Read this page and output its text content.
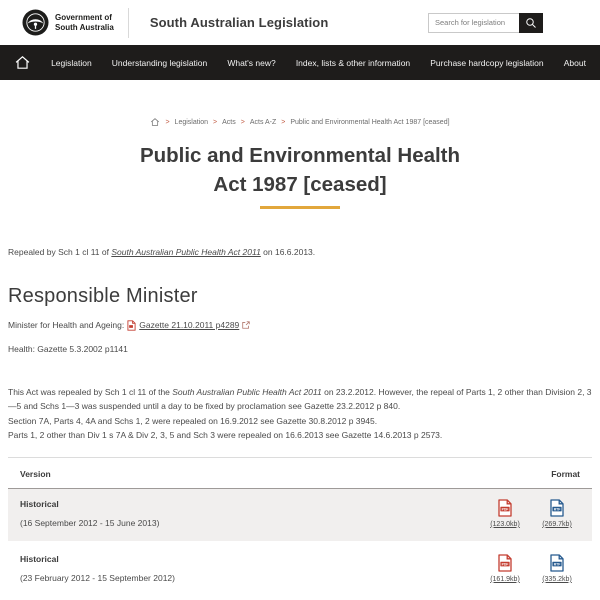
Government of
South Australia	South Australian Legislation
Search for legislation
Legislation Understanding legislation What's new? Index, lists & other information Purchase hardcopy legislation About
> Legislation > Acts > Acts A-Z > Public and Environmental Health Act 1987 [ceased]
Public and Environmental Health
Act 1987 [ceased]

Repealed by Sch 1 cl 11 of South Australian Public Health Act 2011 on 16.6.2013.

Responsible Minister

Minister for Health and Ageing: Gazette 21.10.2011 p4289

Health: Gazette 5.3.2002 p1141

This Act was repealed by Sch 1 cl 11 of the South Australian Public Health Act 2011 on 23.2.2012. However, the repeal of Parts 1, 2 other than Division 2, 3—5 and Schs 1—3 was suspended until a day to be fixed by proclamation see Gazette 23.2.2012 p 840.
Section 7A, Parts 4, 4A and Schs 1, 2 were repealed on 16.9.2012 see Gazette 30.8.2012 p 3945.
Parts 1, 2 other than Div 1 s 7A & Div 2, 3, 5 and Sch 3 were repealed on 16.6.2013 see Gazette 14.6.2013 p 2573.
Version	Format
Historical
(16 September 2012 - 15 June 2013)
PDF
(123.0kb)
RTF
(269.7kb)
Historical
(23 February 2012 - 15 September 2012)
PDF
(161.9kb)
RTF
(335.2kb)
